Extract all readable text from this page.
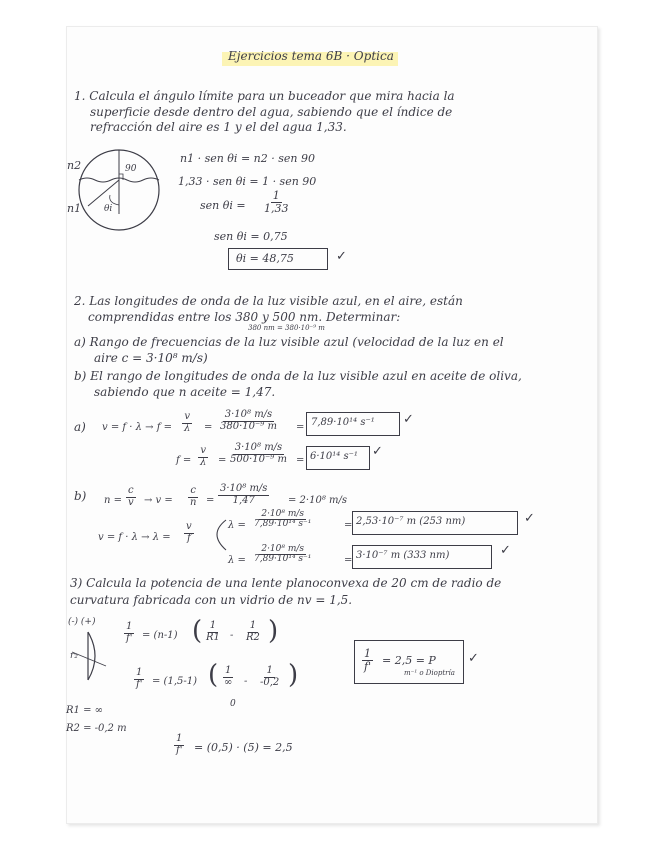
Ejercicios tema 6B · Optica
1. Calcula el ángulo límite para un buceador que mira hacia la
superficie desde dentro del agua, sabiendo que el índice de
refracción del aire es 1 y el del agua 1,33.
n2
n1
90
θi
n1 · sen θi = n2 · sen 90
1,33 · sen θi = 1 · sen 90
sen $\theta i = \frac{1}{1,33}$
sen θi = 0,75
θi = 48,75	✓
2. Las longitudes de onda de la luz visible azul, en el aire, están
comprendidas entre los 380 y 500 nm. Determinar:
380 nm = 380·10⁻⁹ m
a) Rango de frecuencias de la luz visible azul (velocidad de la luz en el
aire c = 3·10⁸ m/s)
b) El rango de longitudes de onda de la luz visible azul en aceite de oliva,
sabiendo que n aceite = 1,47.
a) $v = f \cdot \lambda \to f = \frac{v}{\lambda} = \frac{\text{3·10⁸ m/s}}{\text{380·10⁻⁹ m}} = 7,89\cdot 10^{14}$ s⁻¹ ✓
$f = \frac{v}{\lambda} = \frac{\text{3·10⁸ m/s}}{\text{500·10⁻⁹ m}} = 6\cdot 10^{14}$ s⁻¹ ✓
b) $n = \frac{c}{v} \to v = \frac{c}{n} = \frac{\text{3·10⁸ m/s}}{1,47} = 2\cdot 10^8$ m/s
$v = f \cdot \lambda \to \lambda = \frac{v}{f}$	$\lambda = \frac{\text{2·10⁸ m/s}}{\text{7,89·10¹⁴ s⁻¹}}$	= 2,53·10⁻⁷ m (253 nm)	✓
$\lambda = \frac{\text{2·10⁸ m/s}}{\text{7,89·10¹⁴ s⁻¹}}$	= 3·10⁻⁷ m (333 nm)	✓
3) Calcula la potencia de una lente planoconvexa de 20 cm de radio de
curvatura fabricada con un vidrio de nv = 1,5.
(-) (+)
r₂
$\frac{1}{f'} = (n-1)$ ( $\frac{1}{R1} - \frac{1}{R2}$ )
$\frac{1}{f'} = (1,5-1)$ ( 1
∞ - $\frac{1}{-0,2}$ )
0
R1 = ∞
R2 = -0,2 m
$\frac{1}{f'} = (0,5) \cdot (5) = 2,5$
$\frac{1}{f'} = 2,5 = P$
m⁻¹ o Dioptría
✓
